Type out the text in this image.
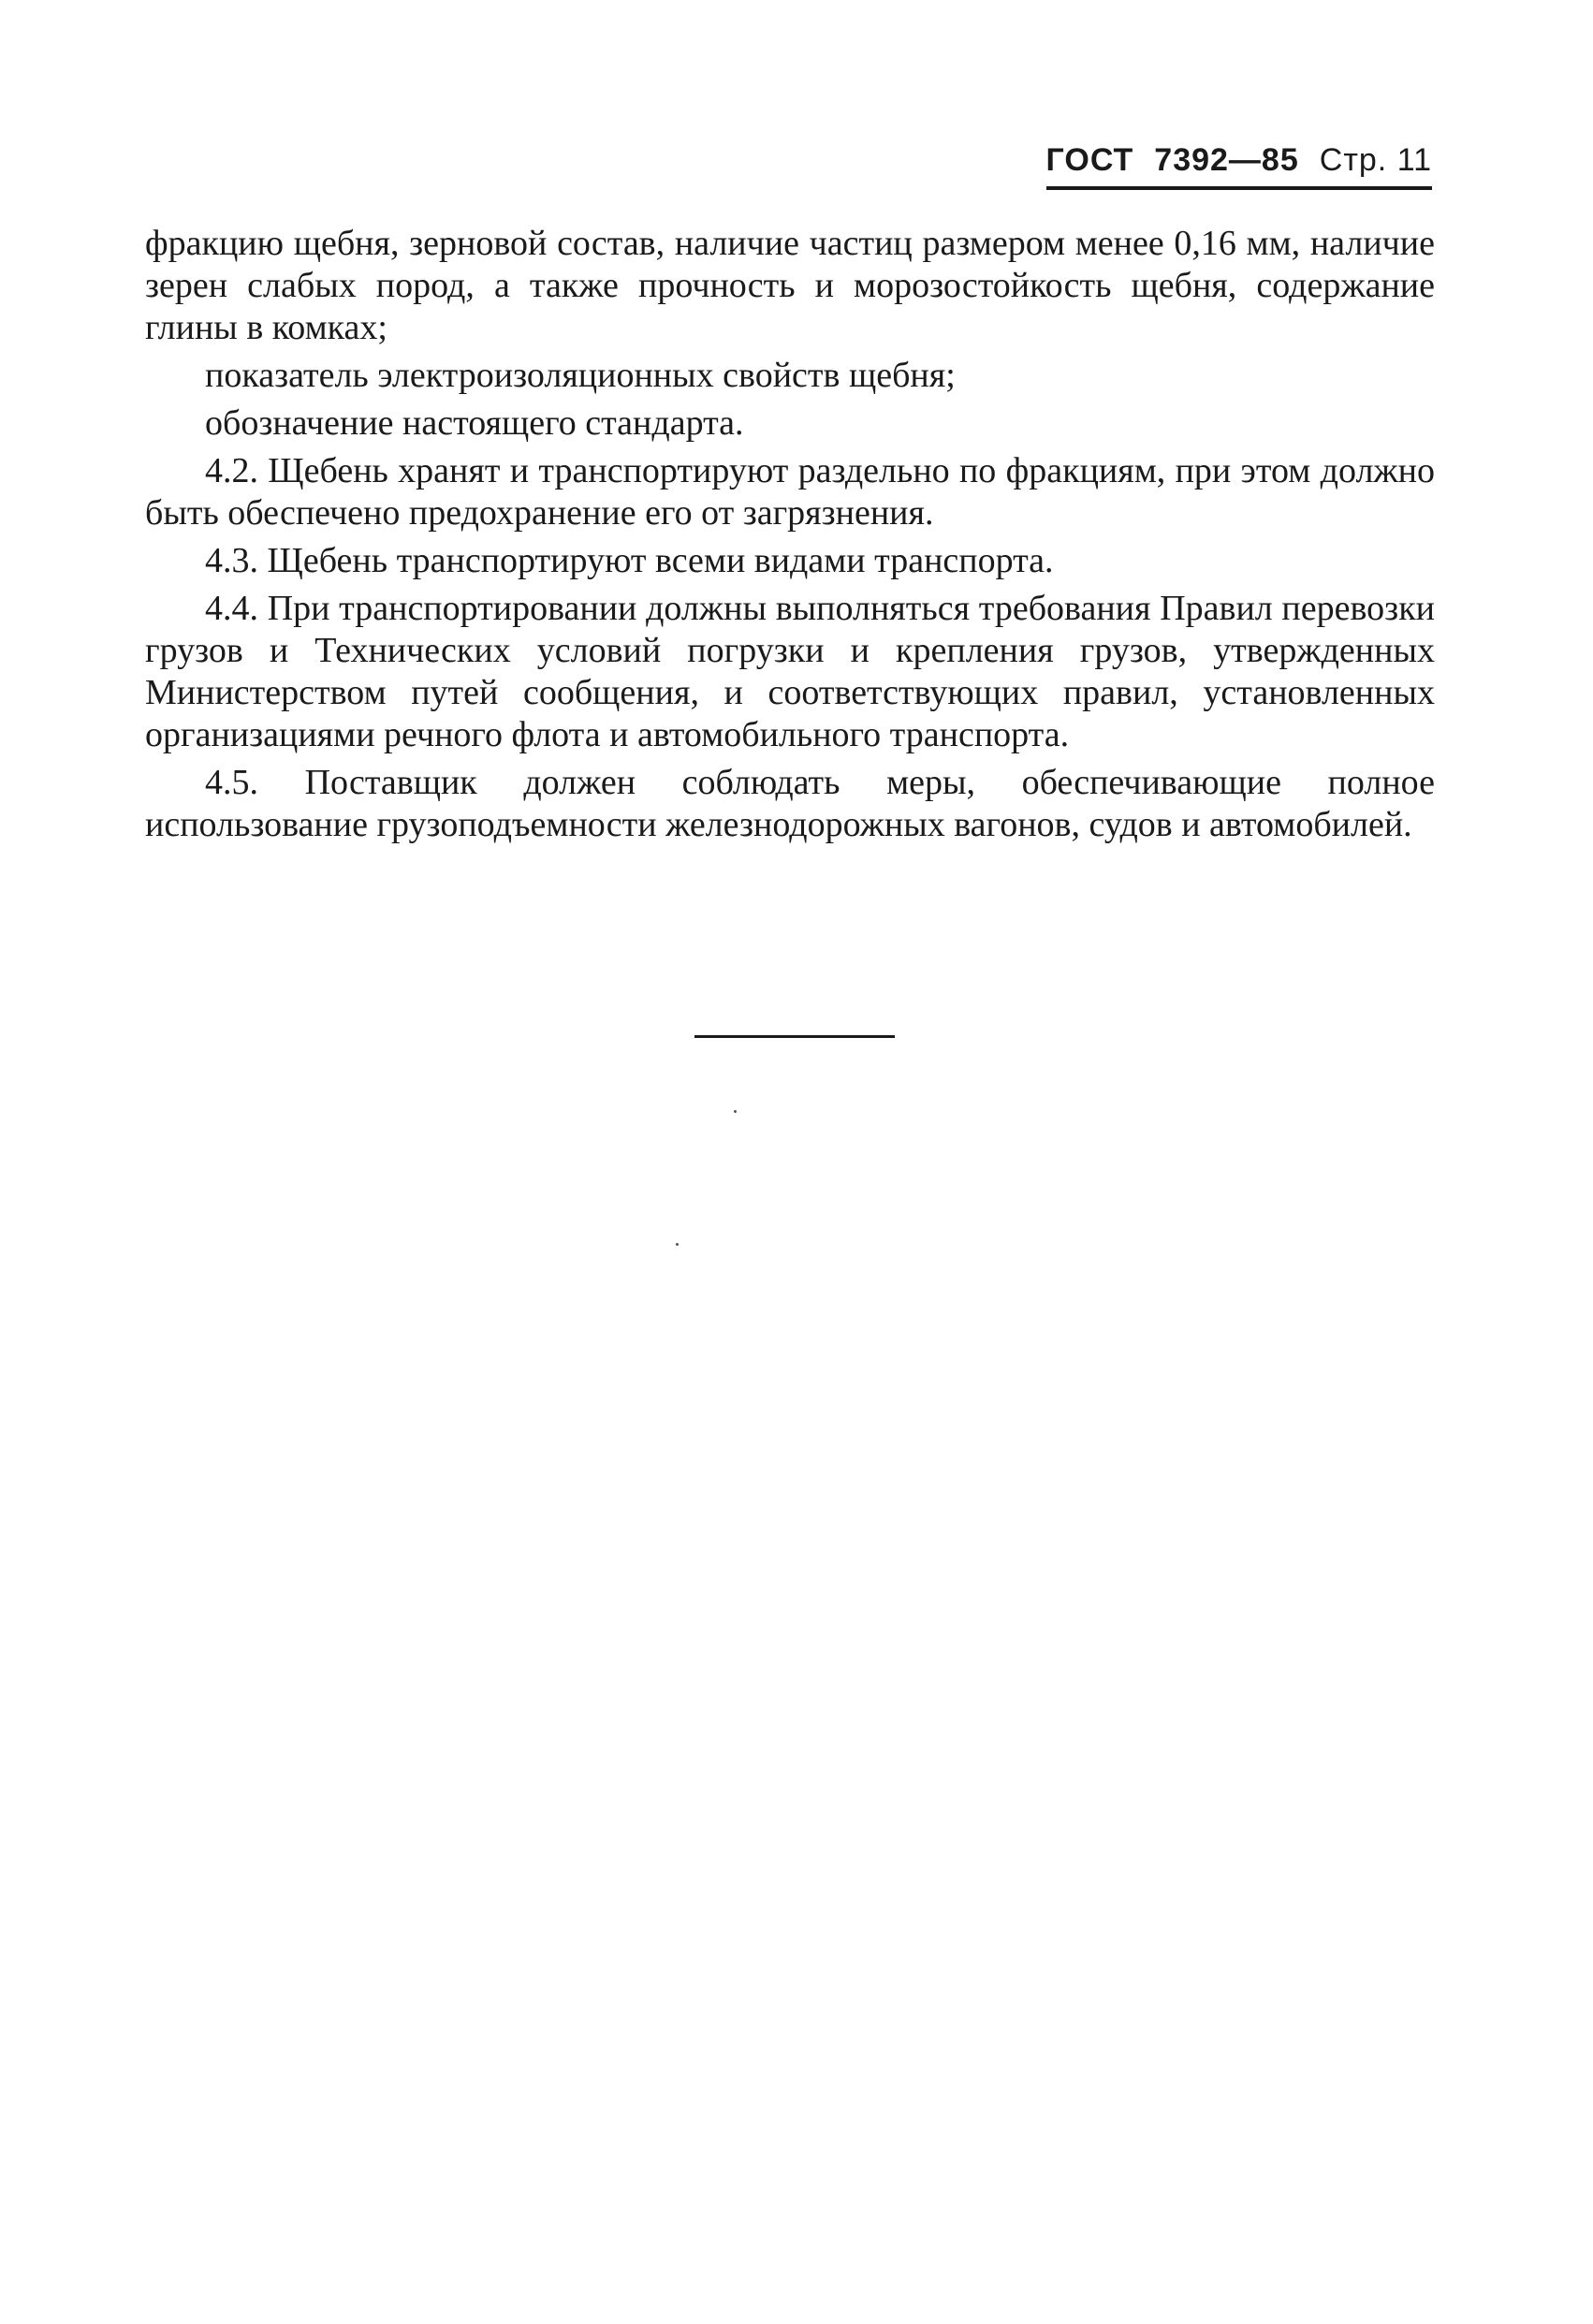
ГОСТ 7392—85 Стр. 11

фракцию щебня, зерновой состав, наличие частиц размером менее 0,16 мм, наличие зерен слабых пород, а также прочность и морозостойкость щебня, содержание глины в комках;

показатель электроизоляционных свойств щебня;

обозначение настоящего стандарта.

4.2. Щебень хранят и транспортируют раздельно по фракциям, при этом должно быть обеспечено предохранение его от загрязнения.

4.3. Щебень транспортируют всеми видами транспорта.

4.4. При транспортировании должны выполняться требования Правил перевозки грузов и Технических условий погрузки и крепления грузов, утвержденных Министерством путей сообщения, и соответствующих правил, установленных организациями речного флота и автомобильного транспорта.

4.5. Поставщик должен соблюдать меры, обеспечивающие полное использование грузоподъемности железнодорожных вагонов, судов и автомобилей.
